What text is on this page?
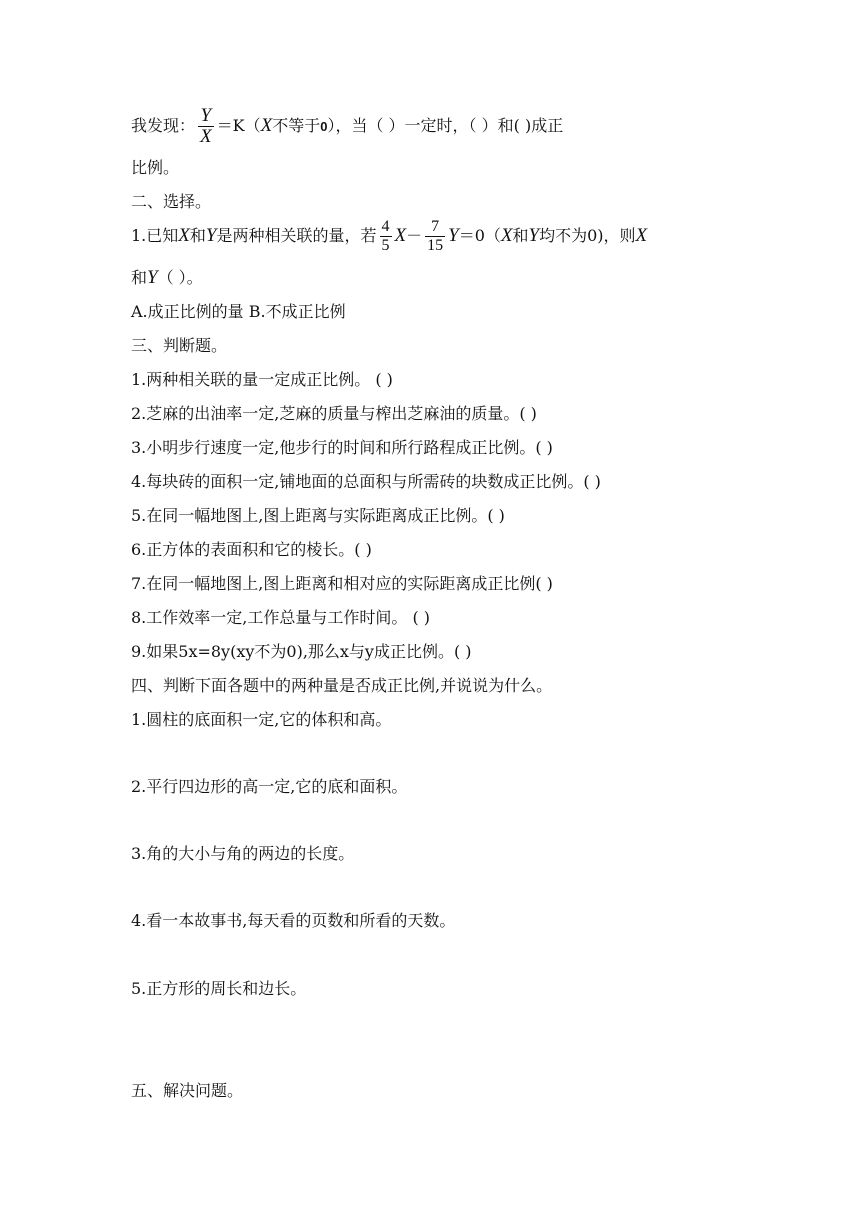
我发现： $\frac{Y}{X} =K(X$不等于0），当（ ）一定时，（ ）和( )成正
比例。
二、选择。
1.已知X和Y是两种相关联的量，若 $\frac{4}{5} X- \frac{7}{15} Y=0(X$和Y均不为0)，则X
和Y（ ）。
A.成正比例的量 B.不成正比例
三、判断题。
1.两种相关联的量一定成正比例。 ( )
2.芝麻的出油率一定,芝麻的质量与榨出芝麻油的质量。( )
3.小明步行速度一定,他步行的时间和所行路程成正比例。( )
4.每块砖的面积一定,铺地面的总面积与所需砖的块数成正比例。( )
5.在同一幅地图上,图上距离与实际距离成正比例。( )
6.正方体的表面积和它的棱长。( )
7.在同一幅地图上,图上距离和相对应的实际距离成正比例( )
8.工作效率一定,工作总量与工作时间。 ( )
9.如果5x=8y(xy不为0),那么x与y成正比例。( )
四、判断下面各题中的两种量是否成正比例,并说说为什么。
1.圆柱的底面积一定,它的体积和高。
2.平行四边形的高一定,它的底和面积。
3.角的大小与角的两边的长度。
4.看一本故事书,每天看的页数和所看的天数。
5.正方形的周长和边长。
五、解决问题。
